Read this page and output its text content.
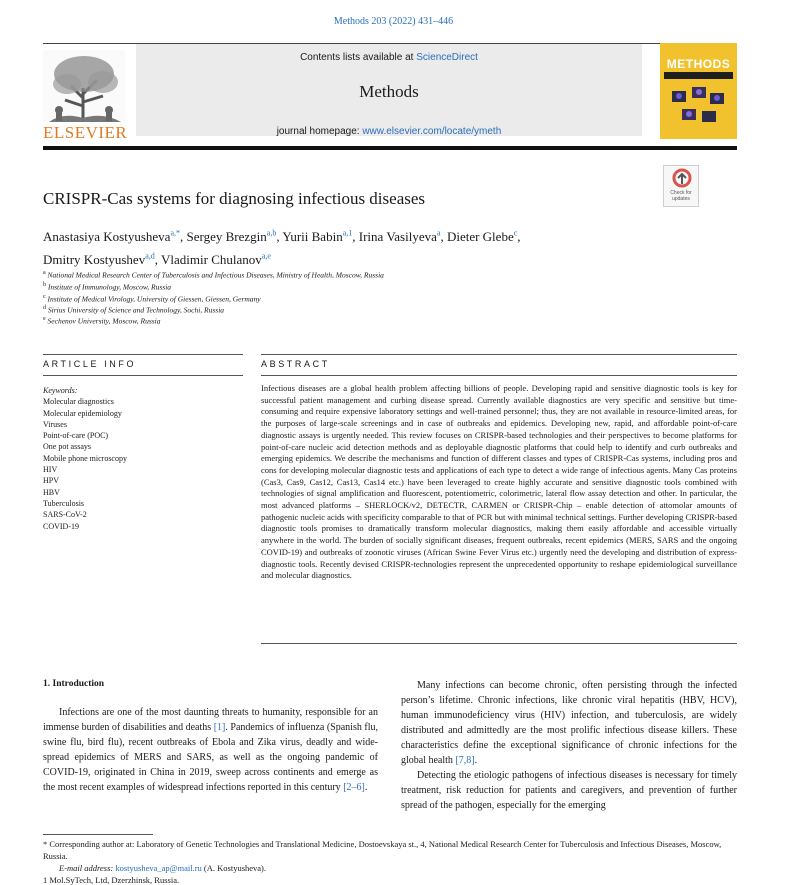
Methods 203 (2022) 431–446
ELSEVIER
Contents lists available at ScienceDirect
Methods
journal homepage: www.elsevier.com/locate/ymeth
METHODS
Check for updates
CRISPR-Cas systems for diagnosing infectious diseases
Anastasiya Kostyusheva$^{a,*}$, Sergey Brezgin$^{a,b}$, Yurii Babin$^{a,1}$, Irina Vasilyeva$^a$, Dieter Glebe$^c$,
Dmitry Kostyushev$^{a,d}$, Vladimir Chulanov$^{a,e}$
$^a$ National Medical Research Center of Tuberculosis and Infectious Diseases, Ministry of Health, Moscow, Russia
$^b$ Institute of Immunology, Moscow, Russia
$^c$ Institute of Medical Virology, University of Giessen, Giessen, Germany
$^d$ Sirius University of Science and Technology, Sochi, Russia
$^e$ Sechenov University, Moscow, Russia
ARTICLE INFO	ABSTRACT
Keywords:
Molecular diagnostics
Molecular epidemiology
Viruses
Point-of-care (POC)
One pot assays
Mobile phone microscopy
HIV
HPV
HBV
Tuberculosis
SARS-CoV-2
COVID-19
Infectious diseases are a global health problem affecting billions of people. Developing rapid and sensitive diagnostic tools is key for successful patient management and curbing disease spread. Currently available diagnostics are very specific and sensitive but time-consuming and require expensive laboratory settings and well-trained personnel; thus, they are not available in resource-limited areas, for the purposes of large-scale screenings and in case of outbreaks and epidemics. Developing new, rapid, and affordable point-of-care diagnostic assays is urgently needed. This review focuses on CRISPR-based technologies and their perspectives to become platforms for point-of-care nucleic acid detection methods and as deployable diagnostic platforms that could help to identify and curb outbreaks and emerging epidemics. We describe the mechanisms and function of different classes and types of CRISPR-Cas systems, including pros and cons for developing molecular diagnostic tests and applications of each type to detect a wide range of infectious agents. Many Cas proteins (Cas3, Cas9, Cas12, Cas13, Cas14 etc.) have been leveraged to create highly accurate and sensitive diagnostic tools combined with technologies of signal amplification and fluorescent, potentiometric, colorimetric, lateral flow assay detection and other. In particular, the most advanced platforms – SHERLOCK/v2, DETECTR, CARMEN or CRISPR-Chip – enable detection of attomolar amounts of pathogenic nucleic acids with specificity comparable to that of PCR but with minimal technical settings. Further developing CRISPR-based diagnostic tools promises to dramatically transform molecular diagnostics, making them easily affordable and accessible virtually anywhere in the world. The burden of socially significant diseases, frequent outbreaks, recent epidemics (MERS, SARS and the ongoing COVID-19) and outbreaks of zoonotic viruses (African Swine Fever Virus etc.) urgently need the developing and distribution of express-diagnostic tools. Recently devised CRISPR-technologies represent the unprecedented opportunity to reshape epidemiological surveillance and molecular diagnostics.
1. Introduction
Infections are one of the most daunting threats to humanity, responsible for an immense burden of disabilities and deaths [1]. Pandemics of influenza (Spanish flu, swine flu, bird flu), recent outbreaks of Ebola and Zika virus, deadly and wide-spread epidemics of MERS and SARS, as well as the ongoing pandemic of COVID-19, originated in China in 2019, sweep across continents and emerge as the most recent examples of widespread infections reported in this century [2–6].

Many infections can become chronic, often persisting through the infected person’s lifetime. Chronic infections, like chronic viral hepatitis (HBV, HCV), human immunodeficiency virus (HIV) infection, and tuberculosis, are widely distributed and admittedly are the most prolific infectious disease killers. These characteristics define the exceptional significance of chronic infections for the global health [7,8].

Detecting the etiologic pathogens of infectious diseases is necessary for timely treatment, risk reduction for patients and caregivers, and prevention of further spread of the pathogen, especially for the emerging

* Corresponding author at: Laboratory of Genetic Technologies and Translational Medicine, Dostoevskaya st., 4, National Medical Research Center for Tuberculosis and Infectious Diseases, Moscow, Russia.
E-mail address: kostyusheva_ap@mail.ru (A. Kostyusheva).
1 Mol.SyTech, Ltd, Dzerzhinsk, Russia.
